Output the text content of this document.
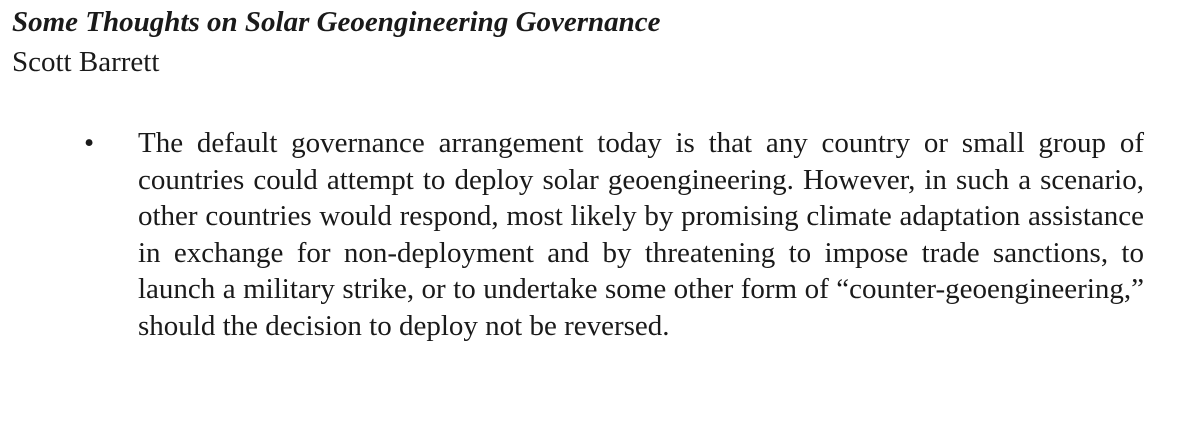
Some Thoughts on Solar Geoengineering Governance

Scott Barrett

• The default governance arrangement today is that any country or small group of countries could attempt to deploy solar geoengineering. However, in such a scenario, other countries would respond, most likely by promising climate adaptation assistance in exchange for non-deployment and by threatening to impose trade sanctions, to launch a military strike, or to undertake some other form of “counter-geoengineering,” should the decision to deploy not be reversed.
